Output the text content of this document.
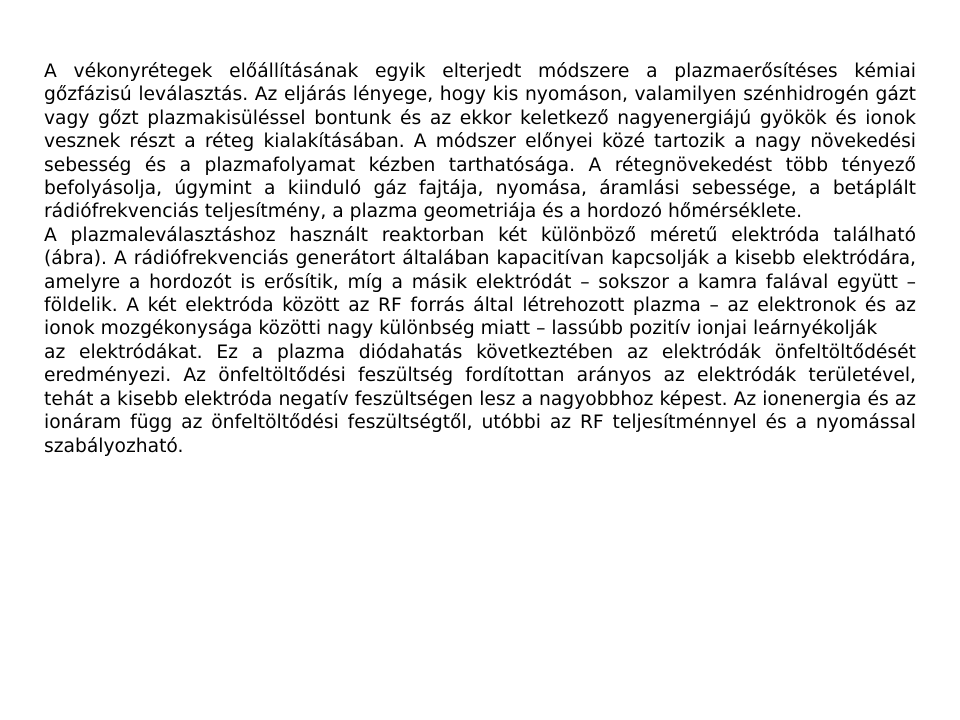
A vékonyrétegek előállításának egyik elterjedt módszere a plazmaerősítéses kémiai gőzfázisú leválasztás. Az eljárás lényege, hogy kis nyomáson, valamilyen szénhidrogén gázt vagy gőzt plazmakisüléssel bontunk és az ekkor keletkező nagyenergiájú gyökök és ionok vesznek részt a réteg kialakításában. A módszer előnyei közé tartozik a nagy növekedési sebesség és a plazmafolyamat kézben tarthatósága. A rétegnövekedést több tényező befolyásolja, úgymint a kiinduló gáz fajtája, nyomása, áramlási sebessége, a betáplált rádiófrekvenciás teljesítmény, a plazma geometriája és a hordozó hőmérséklete.

A plazmaleválasztáshoz használt reaktorban két különböző méretű elektróda található (ábra). A rádiófrekvenciás generátort általában kapacitívan kapcsolják a kisebb elektródára, amelyre a hordozót is erősítik, míg a másik elektródát – sokszor a kamra falával együtt – földelik. A két elektróda között az RF forrás által létrehozott plazma – az elektronok és az ionok mozgékonysága közötti nagy különbség miatt – lassúbb pozitív ionjai leárnyékolják

az elektródákat. Ez a plazma diódahatás következtében az elektródák önfeltöltődését eredményezi. Az önfeltöltődési feszültség fordítottan arányos az elektródák területével, tehát a kisebb elektróda negatív feszültségen lesz a nagyobbhoz képest. Az ionenergia és az ionáram függ az önfeltöltődési feszültségtől, utóbbi az RF teljesítménnyel és a nyomással szabályozható.
